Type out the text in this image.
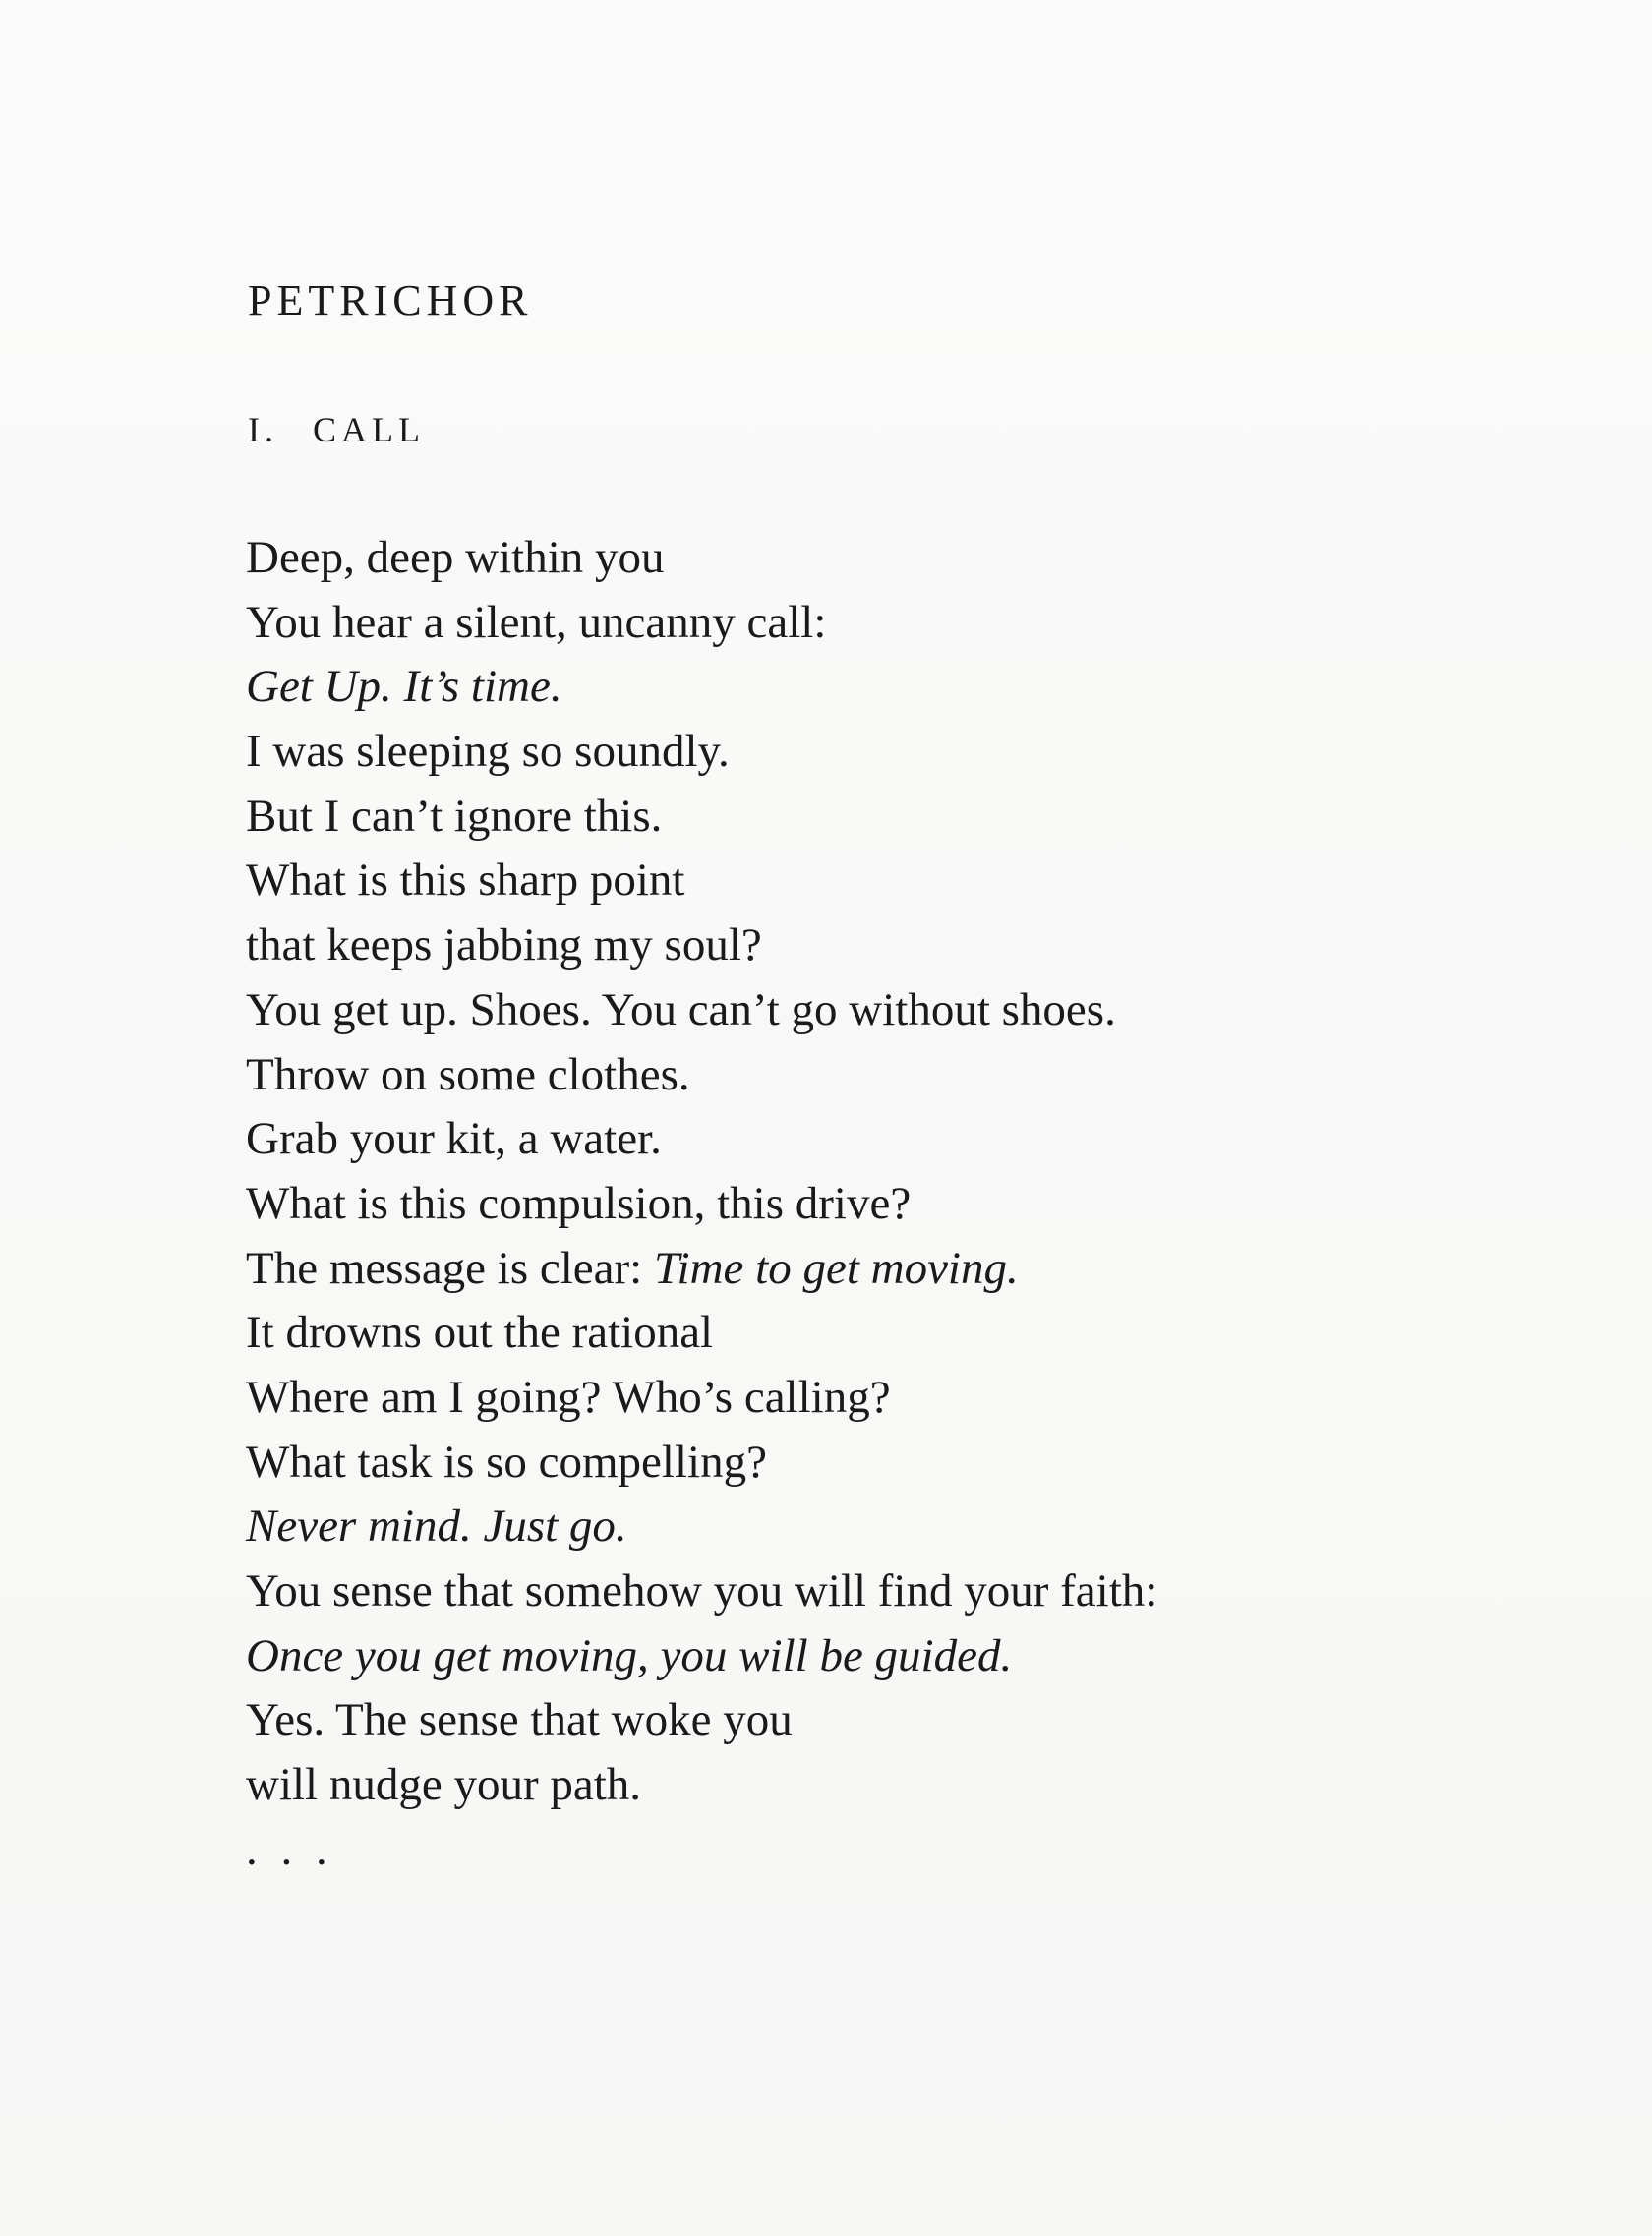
PETRICHOR
I. CALL
Deep, deep within you
You hear a silent, uncanny call:
Get Up. It’s time.
I was sleeping so soundly.
But I can’t ignore this.
What is this sharp point
that keeps jabbing my soul?
You get up. Shoes. You can’t go without shoes.
Throw on some clothes.
Grab your kit, a water.
What is this compulsion, this drive?
The message is clear: Time to get moving.
It drowns out the rational
Where am I going? Who’s calling?
What task is so compelling?
Never mind. Just go.
You sense that somehow you will find your faith:
Once you get moving, you will be guided.
Yes. The sense that woke you
will nudge your path.
. . .
